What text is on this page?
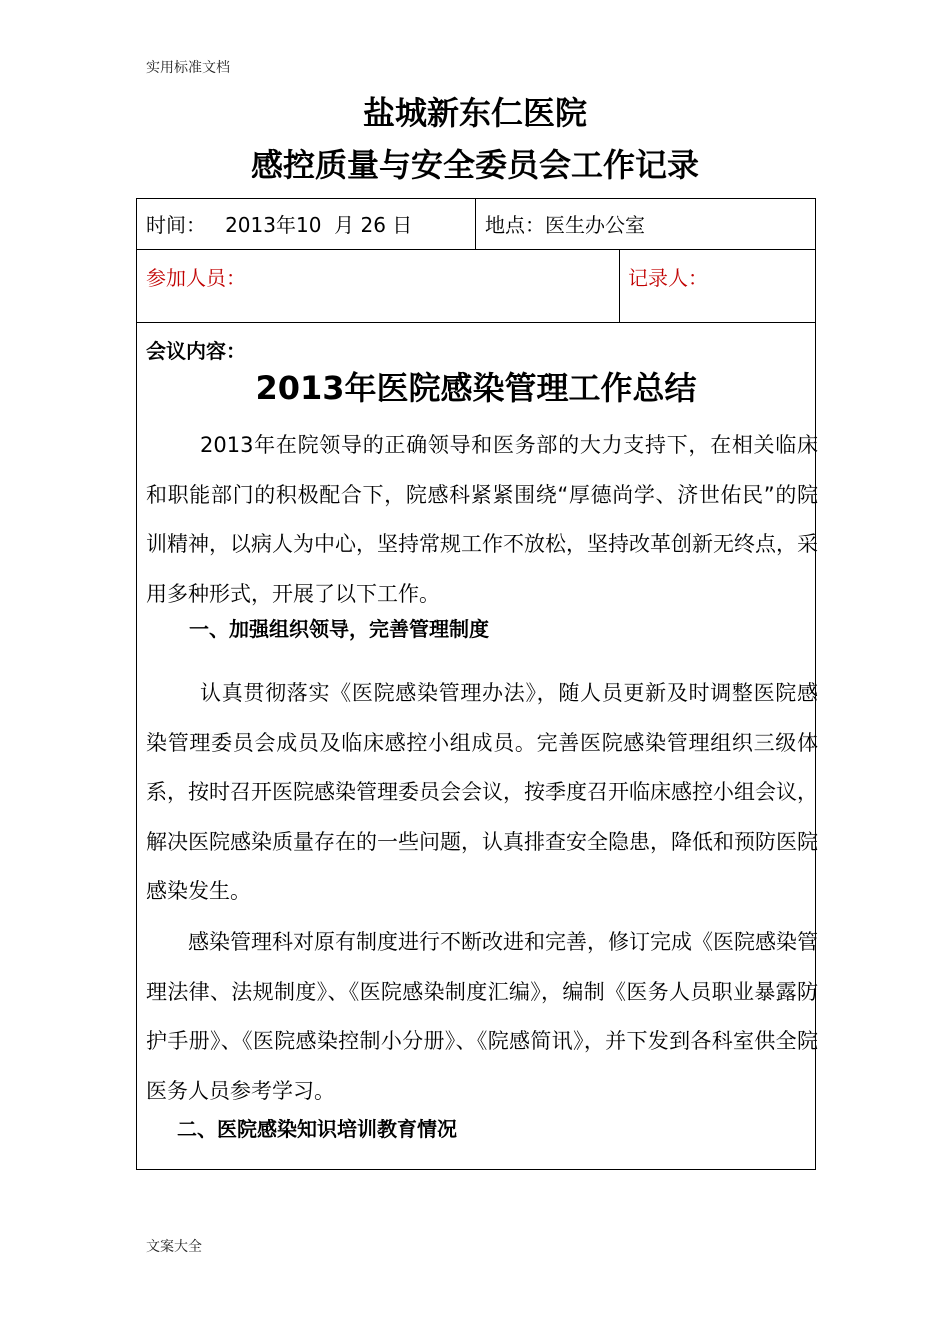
实用标准文档
盐城新东仁医院
感控质量与安全委员会工作记录
时间：   2013年10  月 26 日	地点：医生办公室
参加人员：	记录人：
会议内容：
2013年医院感染管理工作总结
2013年在院领导的正确领导和医务部的大力支持下，在相关临床和职能部门的积极配合下，院感科紧紧围绕“厚德尚学、济世佑民”的院训精神，以病人为中心，坚持常规工作不放松，坚持改革创新无终点，采用多种形式，开展了以下工作。
一、加强组织领导，完善管理制度
认真贯彻落实《医院感染管理办法》，随人员更新及时调整医院感染管理委员会成员及临床感控小组成员。完善医院感染管理组织三级体系，按时召开医院感染管理委员会会议，按季度召开临床感控小组会议，解决医院感染质量存在的一些问题，认真排查安全隐患，降低和预防医院感染发生。
感染管理科对原有制度进行不断改进和完善，修订完成《医院感染管理法律、法规制度》、《医院感染制度汇编》，编制《医务人员职业暴露防护手册》、《医院感染控制小分册》、《院感简讯》，并下发到各科室供全院医务人员参考学习。
二、医院感染知识培训教育情况
文案大全
